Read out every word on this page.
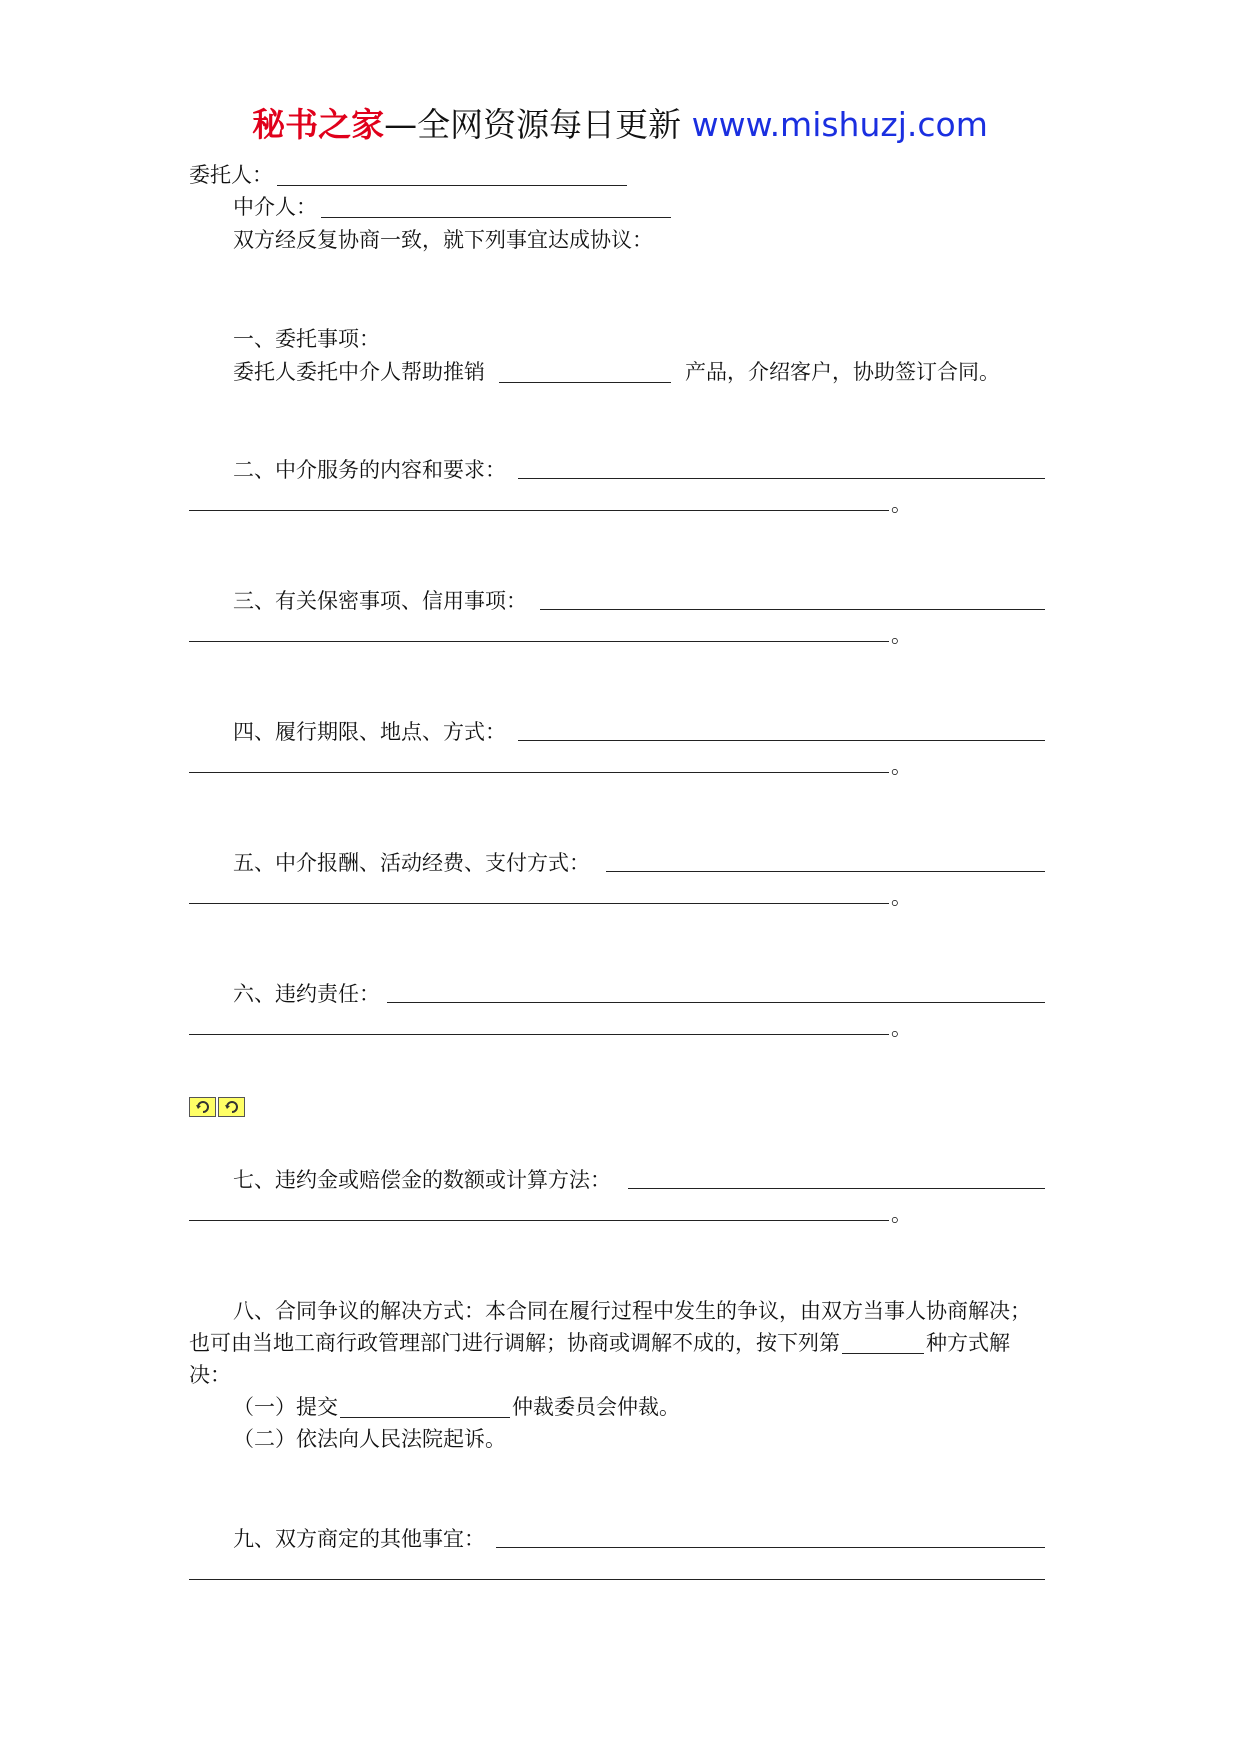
秘书之家—全网资源每日更新 www.mishuzj.com
委托人：
中介人：
双方经反复协商一致，就下列事宜达成协议：
一、委托事项：
委托人委托中介人帮助推销	产品，介绍客户，协助签订合同。
二、中介服务的内容和要求：
。
三、有关保密事项、信用事项：
。
四、履行期限、地点、方式：
。
五、中介报酬、活动经费、支付方式：
。
六、违约责任：
。
七、违约金或赔偿金的数额或计算方法：
。
八、合同争议的解决方式：本合同在履行过程中发生的争议，由双方当事人协商解决；
也可由当地工商行政管理部门进行调解；协商或调解不成的，按下列第	种方式解
决：
（一）提交	仲裁委员会仲裁。
（二）依法向人民法院起诉。
九、双方商定的其他事宜：
